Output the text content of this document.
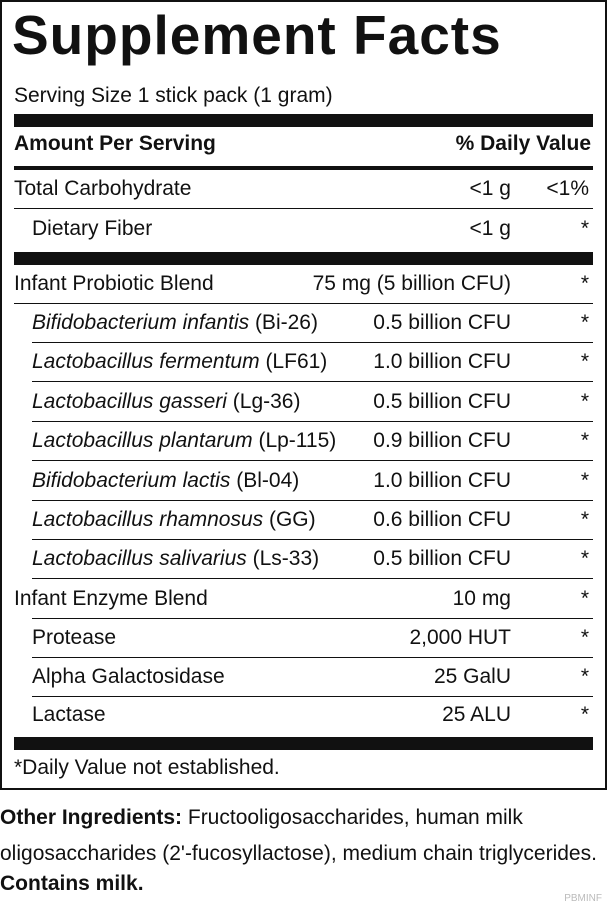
Supplement Facts
Serving Size 1 stick pack (1 gram)
Amount Per Serving	% Daily Value
Total Carbohydrate	<1 g <1%
Dietary Fiber	<1 g	*
Infant Probiotic Blend	75 mg (5 billion CFU)	*
Bifidobacterium infantis (Bi-26)	0.5 billion CFU	*
Lactobacillus fermentum (LF61) 1.0 billion CFU	*
Lactobacillus gasseri (Lg-36)	0.5 billion CFU	*
Lactobacillus plantarum (Lp-115) 0.9 billion CFU	*
Bifidobacterium lactis (Bl-04)	1.0 billion CFU	*
Lactobacillus rhamnosus (GG)	0.6 billion CFU	*
Lactobacillus salivarius (Ls-33)	0.5 billion CFU	*
Infant Enzyme Blend	10 mg	*
Protease	2,000 HUT	*
Alpha Galactosidase	25 GalU	*
Lactase	25 ALU	*
*Daily Value not established.
Other Ingredients: Fructooligosaccharides, human milk oligosaccharides (2'-fucosyllactose), medium chain triglycerides.
Contains milk.
PBMINF
